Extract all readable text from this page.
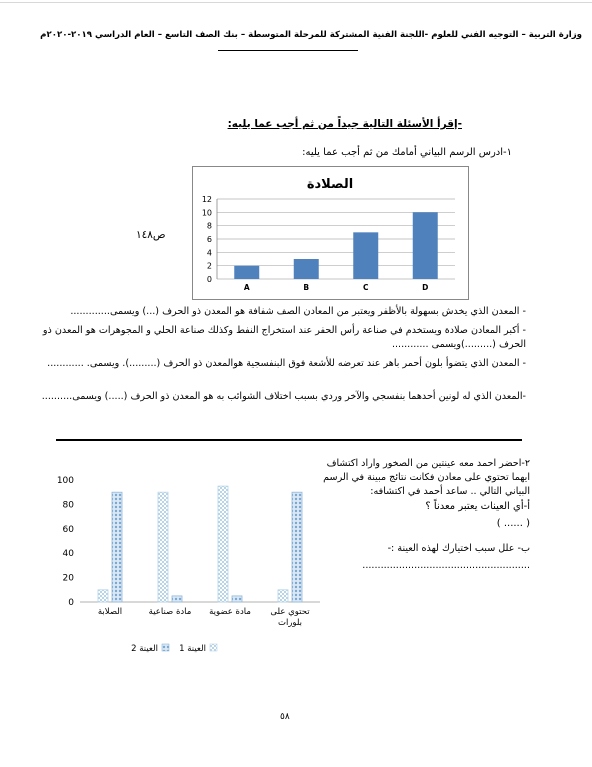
وزارة التربية – التوجيه الفني للعلوم -اللجنة الفنية المشتركة للمرحلة المتوسطة – بنك الصف التاسع – العام الدراسي ٢٠١٩-٢٠٢٠م
-إقرأ الأسئلة التالية جيداً من ثم أجب عما يليه:
١-ادرس الرسم البياني أمامك من ثم أجب عما يليه:
الصلادة
0
2
4
6
8
10
12
A	B	C	D
ص١٤٨
- المعدن الذي يخدش بسهولة بالأظفر ويعتبر من المعادن الصف شفافة هو المعدن ذو الحرف (...) ويسمى.............
- أكبر المعادن صلادة ويستخدم في صناعة رأس الحفر عند استخراج النفط وكذلك صناعة الحلي و المجوهرات هو المعدن ذو الحرف (.........)ويسمى ............
- المعدن الذي يتضوأ بلون أحمر باهر عند تعرضه للأشعة فوق البنفسجية هوالمعدن ذو الحرف (.........). ويسمى. ............
-المعدن الذي له لونين أحدهما بنفسجي والآخر وردي بسبب اختلاف الشوائب به هو المعدن ذو الحرف (.....) ويسمى..........
٢-احضر احمد معه عينتين من الصخور واراد اكتشاف ايهما تحتوي على معادن فكانت نتائج مبينة في الرسم البياني التالي .. ساعد أحمد في اكتشافه:
أ-أي العينات يعتبر معدناً ؟
( ...... )
ب- علل سبب اختيارك لهذه العينة :-
.......................................................
0
20
40
60
80
100
الصلابة	مادة صناعية مادة عضوية تحتوي على
بلورات
العينة 2 العينة 1
٥٨
